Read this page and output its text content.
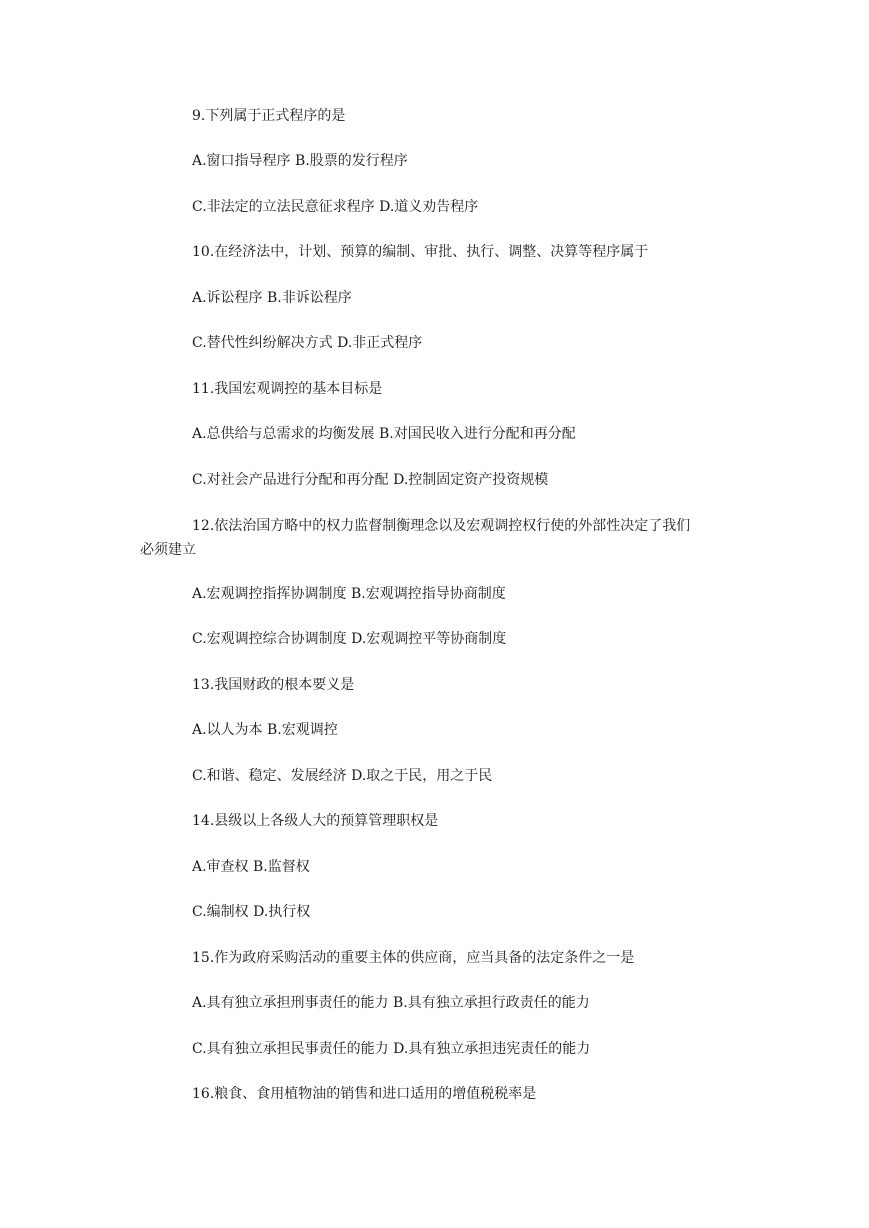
9.下列属于正式程序的是
A.窗口指导程序 B.股票的发行程序
C.非法定的立法民意征求程序 D.道义劝告程序
10.在经济法中，计划、预算的编制、审批、执行、调整、决算等程序属于
A.诉讼程序 B.非诉讼程序
C.替代性纠纷解决方式 D.非正式程序
11.我国宏观调控的基本目标是
A.总供给与总需求的均衡发展 B.对国民收入进行分配和再分配
C.对社会产品进行分配和再分配 D.控制固定资产投资规模
12.依法治国方略中的权力监督制衡理念以及宏观调控权行使的外部性决定了我们
必须建立
A.宏观调控指挥协调制度 B.宏观调控指导协商制度
C.宏观调控综合协调制度 D.宏观调控平等协商制度
13.我国财政的根本要义是
A.以人为本 B.宏观调控
C.和谐、稳定、发展经济 D.取之于民，用之于民
14.县级以上各级人大的预算管理职权是
A.审查权 B.监督权
C.编制权 D.执行权
15.作为政府采购活动的重要主体的供应商，应当具备的法定条件之一是
A.具有独立承担刑事责任的能力 B.具有独立承担行政责任的能力
C.具有独立承担民事责任的能力 D.具有独立承担违宪责任的能力
16.粮食、食用植物油的销售和进口适用的增值税税率是
